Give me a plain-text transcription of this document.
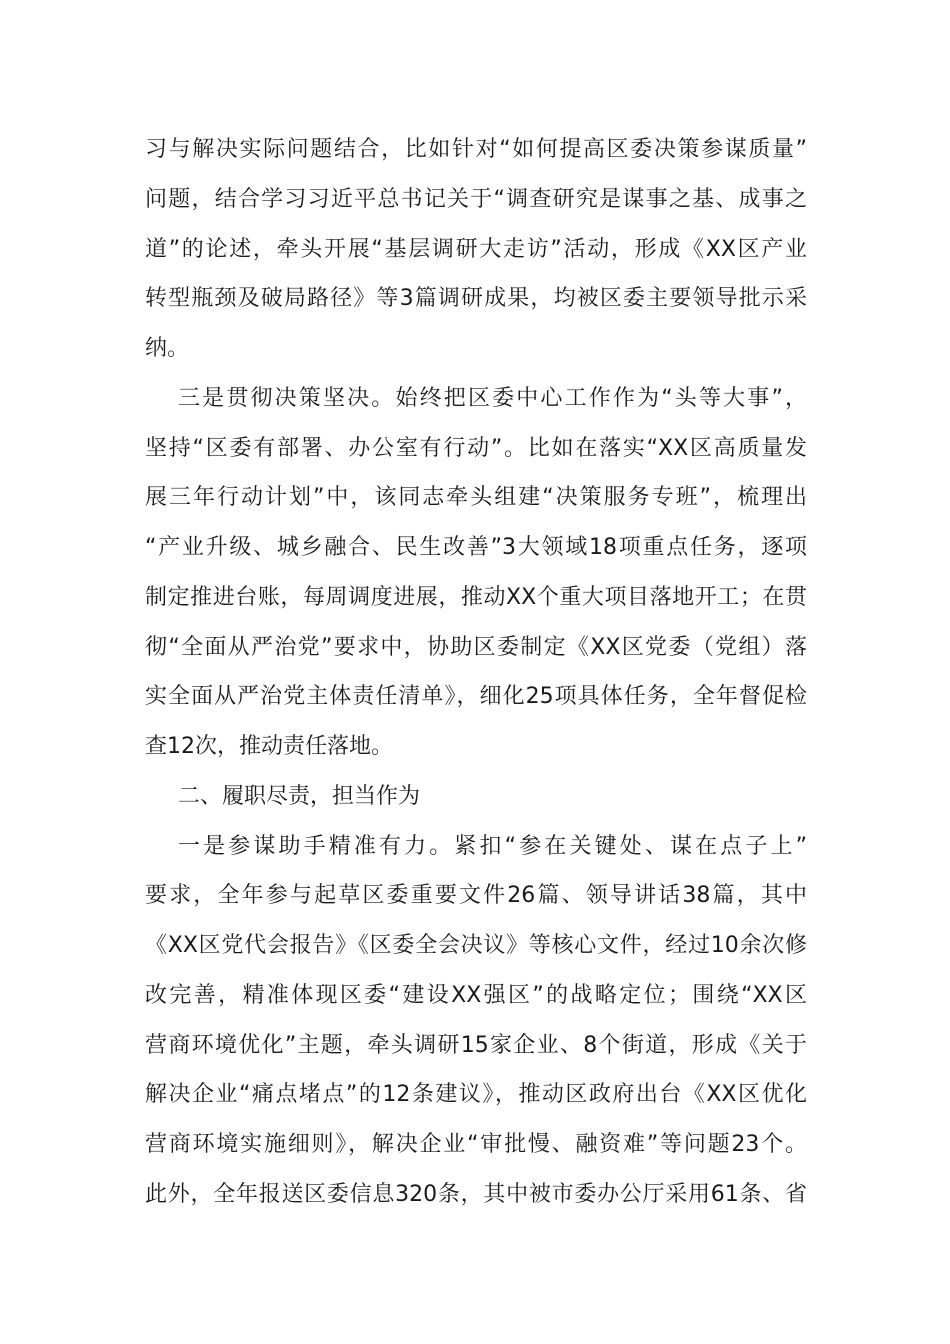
习与解决实际问题结合，比如针对“如何提高区委决策参谋质量”
问题，结合学习习近平总书记关于“调查研究是谋事之基、成事之
道”的论述，牵头开展“基层调研大走访”活动，形成《XX区产业
转型瓶颈及破局路径》等3篇调研成果，均被区委主要领导批示采
纳。
三是贯彻决策坚决。始终把区委中心工作作为“头等大事”，
坚持“区委有部署、办公室有行动”。比如在落实“XX区高质量发
展三年行动计划”中，该同志牵头组建“决策服务专班”，梳理出
“产业升级、城乡融合、民生改善”3大领域18项重点任务，逐项
制定推进台账，每周调度进展，推动XX个重大项目落地开工；在贯
彻“全面从严治党”要求中，协助区委制定《XX区党委（党组）落
实全面从严治党主体责任清单》，细化25项具体任务，全年督促检
查12次，推动责任落地。
二、履职尽责，担当作为
一是参谋助手精准有力。紧扣“参在关键处、谋在点子上”
要求，全年参与起草区委重要文件26篇、领导讲话38篇，其中
《XX区党代会报告》《区委全会决议》等核心文件，经过10余次修
改完善，精准体现区委“建设XX强区”的战略定位；围绕“XX区
营商环境优化”主题，牵头调研15家企业、8个街道，形成《关于
解决企业“痛点堵点”的12条建议》，推动区政府出台《XX区优化
营商环境实施细则》，解决企业“审批慢、融资难”等问题23个。
此外，全年报送区委信息320条，其中被市委办公厅采用61条、省
